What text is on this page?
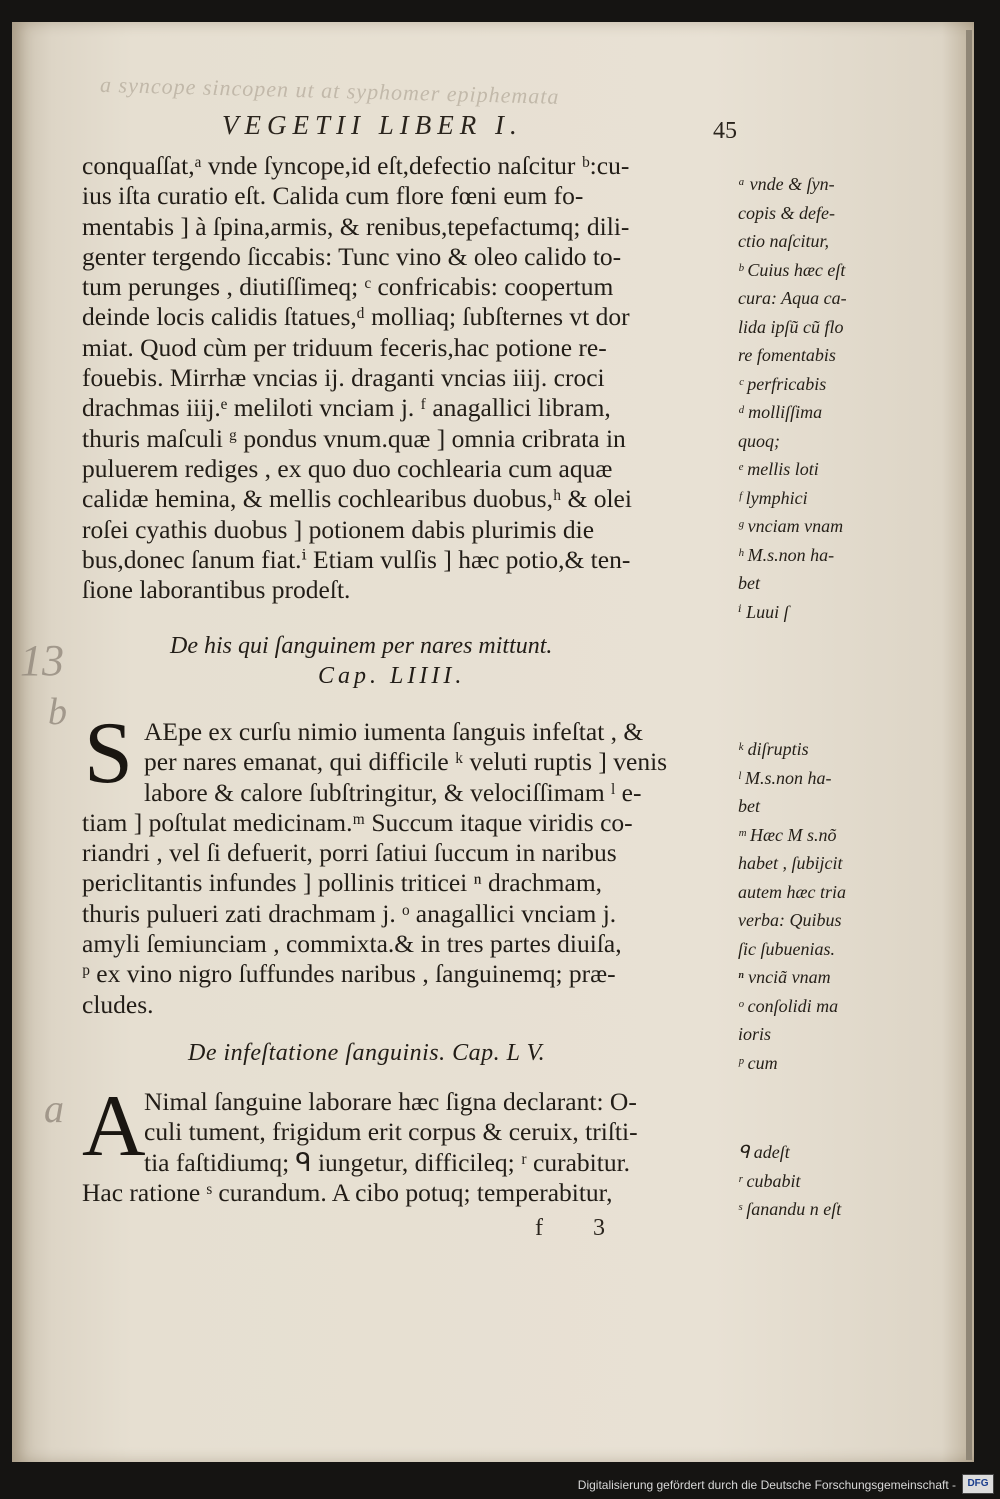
a syncope sincopen ut at syphomer epiphemata
VEGETII LIBER I.	45
conquaſſat,ᵃ vnde ſyncope,id eſt,defectio naſcitur ᵇ:cu-
ius iſta curatio eſt. Calida cum flore fœni eum fo-
mentabis ] à ſpina,armis, & renibus,tepefactumq; dili-
genter tergendo ſiccabis: Tunc vino & oleo calido to-
tum perunges , diutiſſimeq; ᶜ confricabis: coopertum
deinde locis calidis ſtatues,ᵈ molliaq; ſubſternes vt dor
miat. Quod cùm per triduum feceris,hac potione re-
fouebis. Mirrhæ vncias ij. draganti vncias iiij. croci
drachmas iiij.ᵉ meliloti vnciam j. ᶠ anagallici libram,
thuris maſculi ᵍ pondus vnum.quæ ] omnia cribrata in
puluerem rediges , ex quo duo cochlearia cum aquæ
calidæ hemina, & mellis cochlearibus duobus,ʰ & olei
roſei cyathis duobus ] potionem dabis plurimis die
bus,donec ſanum fiat.ⁱ Etiam vulſis ] hæc potio,& ten-
ſione laborantibus prodeſt.
ᵃ vnde & ſyn-
copis & defe-
ctio naſcitur,
ᵇ Cuius hæc eſt
cura: Aqua ca-
lida ipſũ cũ flo
re fomentabis
ᶜ perfricabis
ᵈ molliſſima
quoq;
ᵉ mellis loti
ᶠ lymphici
ᵍ vnciam vnam
ʰ M.s.non ha-
bet
ⁱ Luui ſ
13	De his qui ſanguinem per nares mittunt.
Cap. LIIII.
b S AEpe ex curſu nimio iumenta ſanguis infeſtat , &
per nares emanat, qui difficile ᵏ veluti ruptis ] venis
labore & calore ſubſtringitur, & velociſſimam ˡ e-
tiam ] poſtulat medicinam.ᵐ Succum itaque viridis co-
riandri , vel ſi defuerit, porri ſatiui ſuccum in naribus
periclitantis infundes ] pollinis triticei ⁿ drachmam,
thuris pulueri zati drachmam j. ᵒ anagallici vnciam j.
amyli ſemiunciam , commixta.& in tres partes diuiſa,
ᵖ ex vino nigro ſuffundes naribus , ſanguinemq; præ-
cludes.
ᵏ diſruptis
ˡ M.s.non ha-
bet
ᵐ Hæc M s.nõ
habet , ſubijcit
autem hæc tria
verba: Quibus
ſic ſubuenias.
ⁿ vnciã vnam
ᵒ conſolidi ma
ioris
ᵖ cum
De infeſtatione ſanguinis. Cap. L V.
a A
Nimal ſanguine laborare hæc ſigna declarant: O-
culi tument, frigidum erit corpus & ceruix, triſti-
tia faſtidiumq; ᑫ iungetur, difficileq; ʳ curabitur.
Hac ratione ˢ curandum. A cibo potuq; temperabitur,
ᑫ adeſt
ʳ cubabit
ˢ ſanandu n eſt
f 3
Digitalisierung gefördert durch die Deutsche Forschungsgemeinschaft -	DFG
